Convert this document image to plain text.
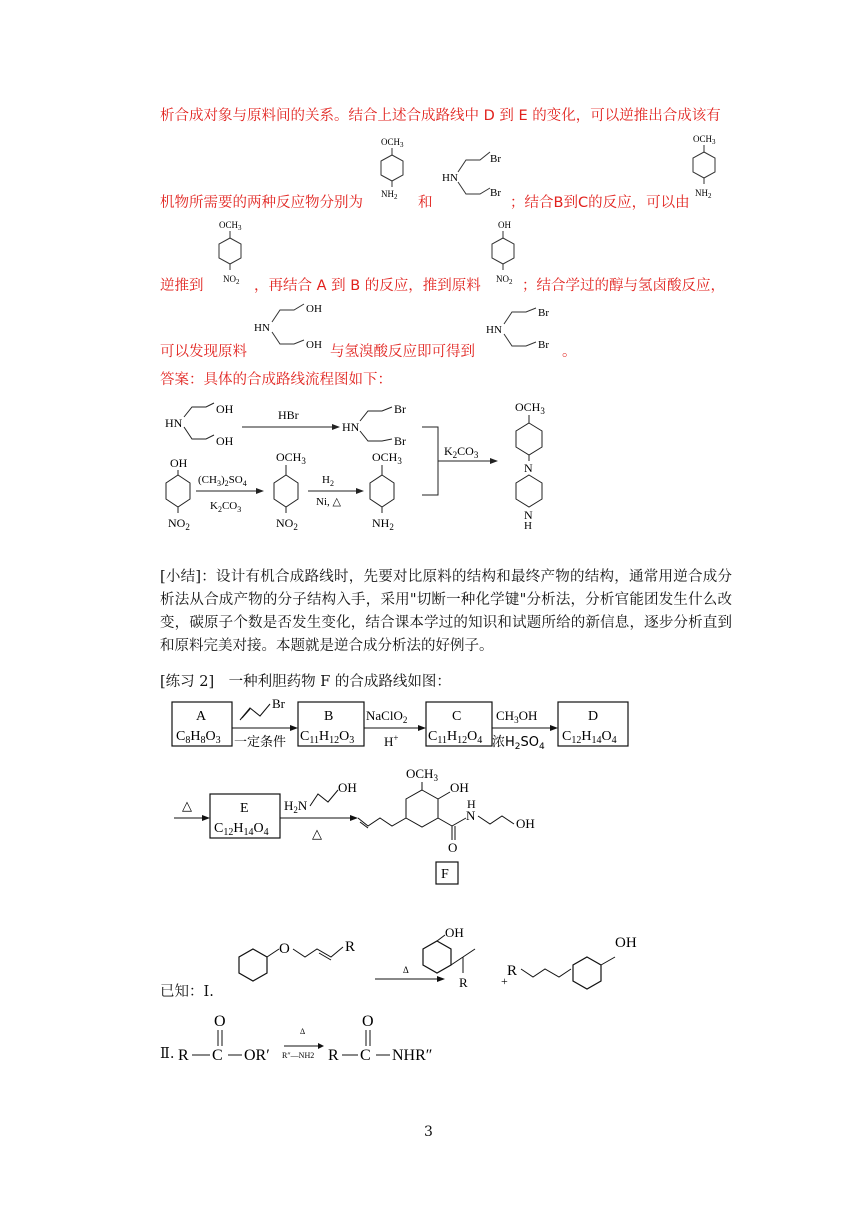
析合成对象与原料间的关系。结合上述合成路线中 D 到 E 的变化，可以逆推出合成该有
机物所需要的两种反应物分别为
$OCH_3$
$NH_2$ 和
HN
Br
Br
；结合B到C的反应，可以由
$OCH_3$
$NH_2$
逆推到
$OCH_3$
$NO_2$ ，再结合 A 到 B 的反应，推到原料
OH
$NO_2$ ；结合学过的醇与氢卤酸反应，
可以发现原料
HN
OH
OH 与氢溴酸反应即可得到
HN
Br
Br 。
答案：具体的合成路线流程图如下：
HN
OH
OH
HBr
HN
Br
Br
$K_2CO_3$
$OCH_3$
N
N
H
OH
$NO_2$
$(CH_3)_2SO_4$
$K_2CO_3$
$OCH_3$
$NO_2$
$H_2$
Ni, △
$OCH_3$
$NH_2$
[小结]：设计有机合成路线时，先要对比原料的结构和最终产物的结构，通常用逆合成分析法从合成产物的分子结构入手，采用"切断一种化学键"分析法，分析官能团发生什么改变，碳原子个数是否发生变化，结合课本学过的知识和试题所给的新信息，逐步分析直到和原料完美对接。本题就是逆合成分析法的好例子。
[练习 2]　一种利胆药物 F 的合成路线如图：
A
$C_8H_8O_3$
Br
一定条件
B
$C_{11}H_{12}O_3$
NaClO$_2$
H+
C
$C_{11}H_{12}O_4$
$CH_3OH$
浓$H_2SO_4$
D
$C_{12}H_{14}O_4$
△	E
$C_{12}H_{14}O_4$
$H_2N$
OH
△
$OCH_3$
OH
O
N
H
OH
F
已知：Ⅰ.
O	R
Δ
OH
R	+
R
OH
Ⅱ. R C
O
OR′
Δ
R″—NH2 R C
O
NHR″
3
